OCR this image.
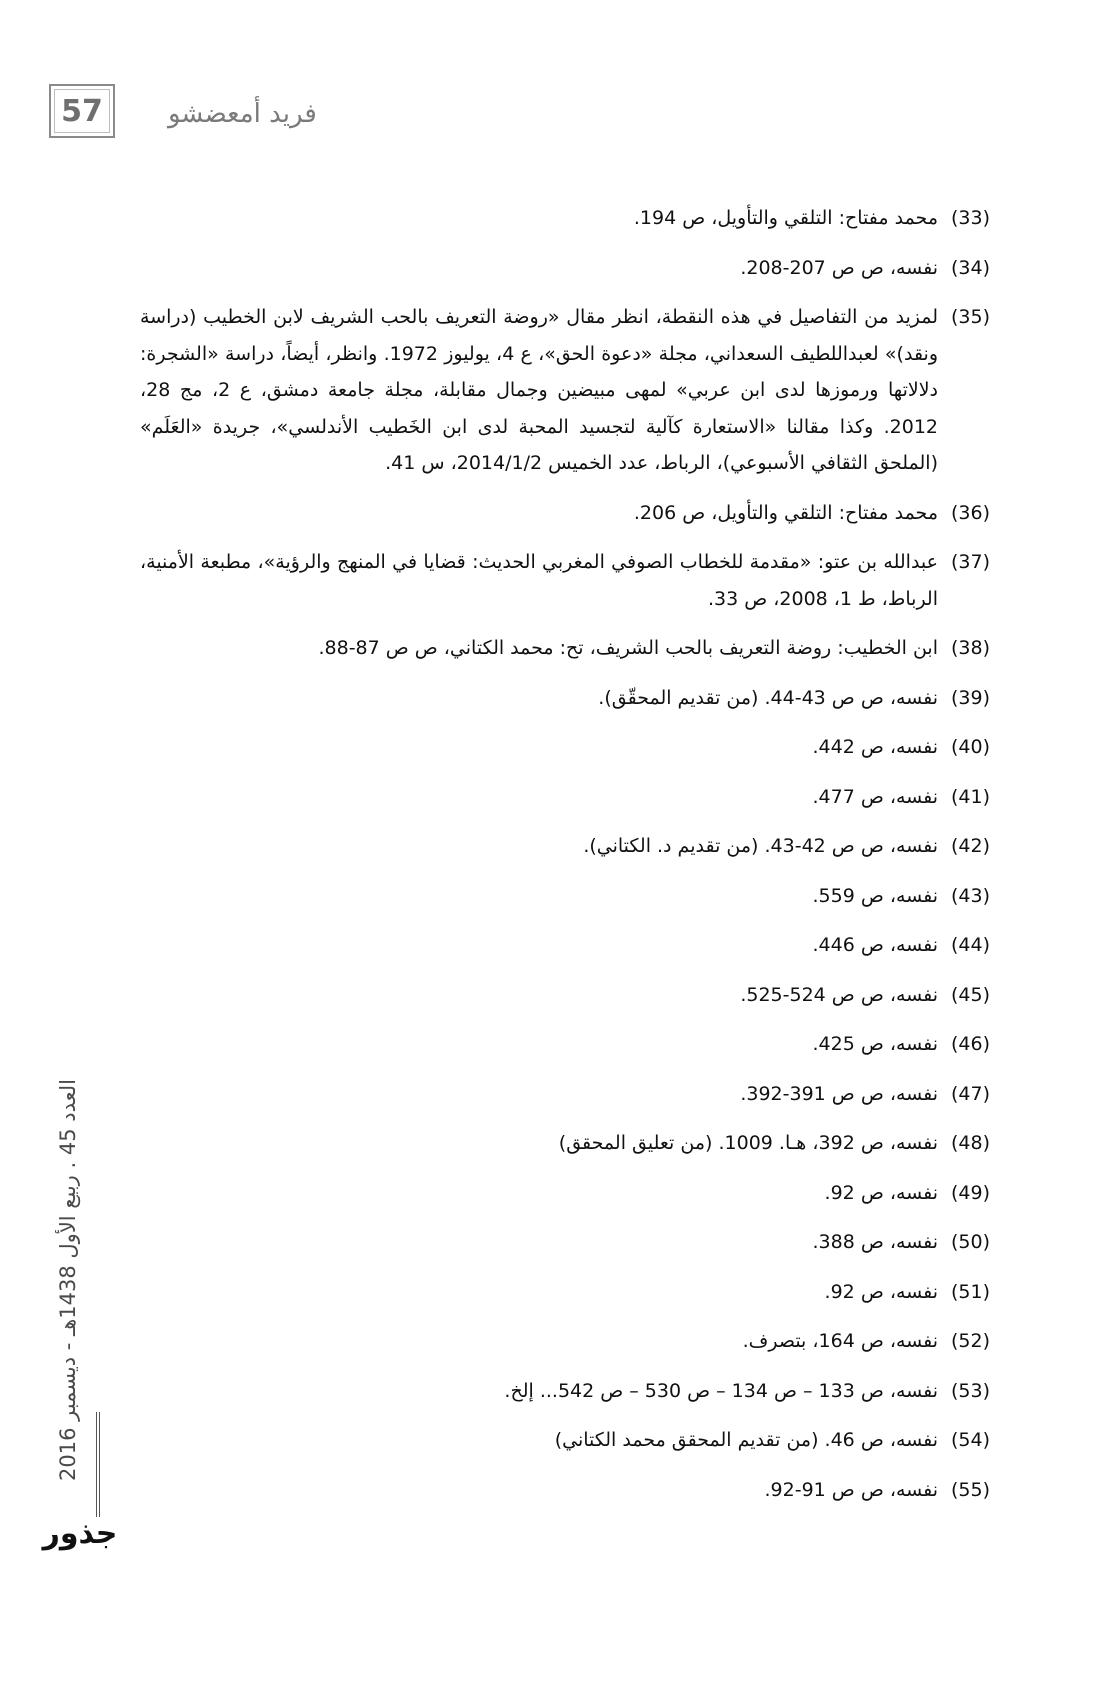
57	فريد أمعضشو
(33)
محمد مفتاح: التلقي والتأويل، ص 194.
(34)
نفسه، ص ص 207-208.
(35)
لمزيد من التفاصيل في هذه النقطة، انظر مقال «روضة التعريف بالحب الشريف لابن الخطيب (دراسة ونقد)» لعبداللطيف السعداني، مجلة «دعوة الحق»، ع 4، يوليوز 1972. وانظر، أيضاً، دراسة «الشجرة: دلالاتها ورموزها لدى ابن عربي» لمهى مبيضين وجمال مقابلة، مجلة جامعة دمشق، ع 2، مج 28، 2012. وكذا مقالنا «الاستعارة كآلية لتجسيد المحبة لدى ابن الخَطيب الأندلسي»، جريدة «العَلَم» (الملحق الثقافي الأسبوعي)، الرباط، عدد الخميس 2014/1/2، س 41.
(36)
محمد مفتاح: التلقي والتأويل، ص 206.
(37)
عبدالله بن عتو: «مقدمة للخطاب الصوفي المغربي الحديث: قضايا في المنهج والرؤية»، مطبعة الأمنية، الرباط، ط 1، 2008، ص 33.
(38)
ابن الخطيب: روضة التعريف بالحب الشريف، تح: محمد الكتاني، ص ص 87-88.
(39)
نفسه، ص ص 43-44. (من تقديم المحقّق).
(40)
نفسه، ص 442.
(41)
نفسه، ص 477.
(42)
نفسه، ص ص 42-43. (من تقديم د. الكتاني).
(43)
نفسه، ص 559.
(44)
نفسه، ص 446.
(45)
نفسه، ص ص 524-525.
(46)
نفسه، ص 425.
(47)
نفسه، ص ص 391-392.
(48)
نفسه، ص 392، هـا. 1009. (من تعليق المحقق)
(49)
نفسه، ص 92.
(50)
نفسه، ص 388.
(51)
نفسه، ص 92.
(52)
نفسه، ص 164، بتصرف.
(53)
نفسه، ص 133 – ص 134 – ص 530 – ص 542... إلخ.
(54)
نفسه، ص 46. (من تقديم المحقق محمد الكتاني)
(55)
نفسه، ص ص 91-92.
العدد 45 . ربيع الأول 1438هـ - ديسمبر 2016
جذور
